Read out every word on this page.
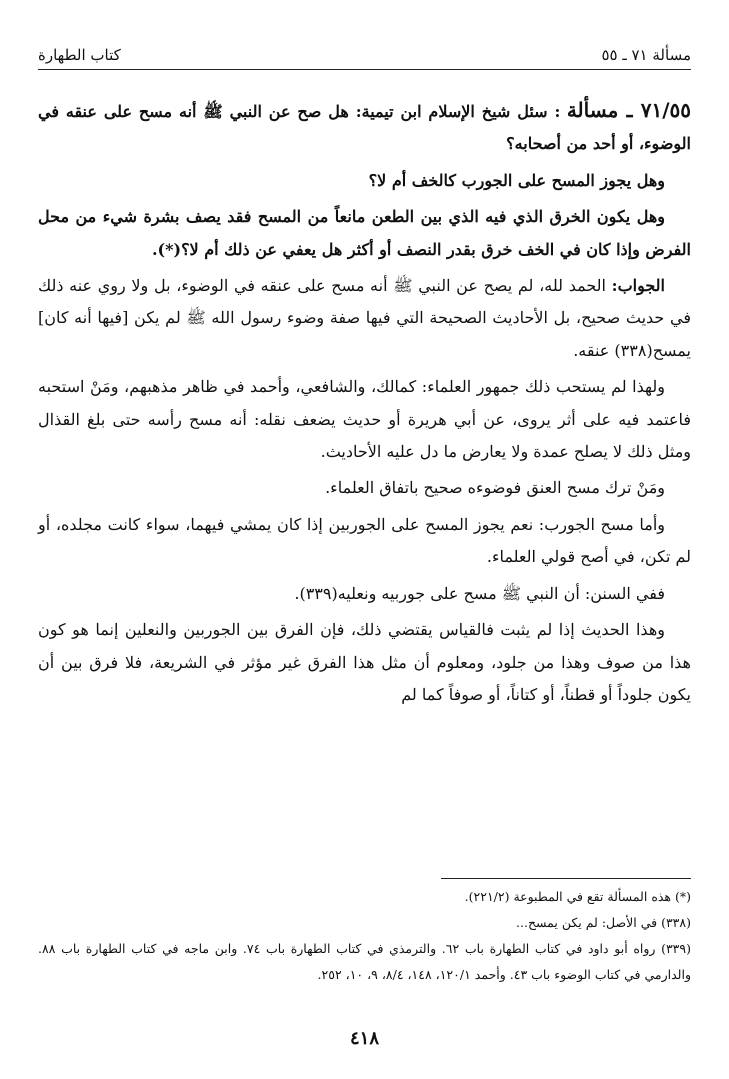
مسألة ٧١ ـ ٥٥
كتاب الطهارة

٧١/٥٥ ـ مسألة : سئل شيخ الإسلام ابن تيمية: هل صح عن النبي ﷺ أنه مسح على عنقه في الوضوء، أو أحد من أصحابه؟

وهل يجوز المسح على الجورب كالخف أم لا؟

وهل يكون الخرق الذي فيه الذي بين الطعن مانعاً من المسح فقد يصف بشرة شيء من محل الفرض وإذا كان في الخف خرق بقدر النصف أو أكثر هل يعفي عن ذلك أم لا؟(*).

الجواب: الحمد لله، لم يصح عن النبي ﷺ أنه مسح على عنقه في الوضوء، بل ولا روي عنه ذلك في حديث صحيح، بل الأحاديث الصحيحة التي فيها صفة وضوء رسول الله ﷺ لم يكن [فيها أنه كان] يمسح(٣٣٨) عنقه.

ولهذا لم يستحب ذلك جمهور العلماء: كمالك، والشافعي، وأحمد في ظاهر مذهبهم، ومَنْ استحبه فاعتمد فيه على أثر يروى، عن أبي هريرة أو حديث يضعف نقله: أنه مسح رأسه حتى بلغ القذال ومثل ذلك لا يصلح عمدة ولا يعارض ما دل عليه الأحاديث.

ومَنْ ترك مسح العنق فوضوءه صحيح باتفاق العلماء.

وأما مسح الجورب: نعم يجوز المسح على الجوربين إذا كان يمشي فيهما، سواء كانت مجلده، أو لم تكن، في أصح قولي العلماء.

ففي السنن: أن النبي ﷺ مسح على جوربيه ونعليه(٣٣٩).

وهذا الحديث إذا لم يثبت فالقياس يقتضي ذلك، فإن الفرق بين الجوربين والنعلين إنما هو كون هذا من صوف وهذا من جلود، ومعلوم أن مثل هذا الفرق غير مؤثر في الشريعة، فلا فرق بين أن يكون جلوداً أو قطناً، أو كتاناً، أو صوفاً كما لم

(*) هذه المسألة تقع في المطبوعة (٢٢١/٢).

(٣٣٨) في الأصل: لم يكن يمسح...

(٣٣٩) رواه أبو داود في كتاب الطهارة باب ٦٢. والترمذي في كتاب الطهارة باب ٧٤. وابن ماجه في كتاب الطهارة باب ٨٨. والدارمي في كتاب الوضوء باب ٤٣. وأحمد ١٢٠/١، ١٤٨، ٨/٤، ٩، ١٠، ٢٥٢.

٤١٨
